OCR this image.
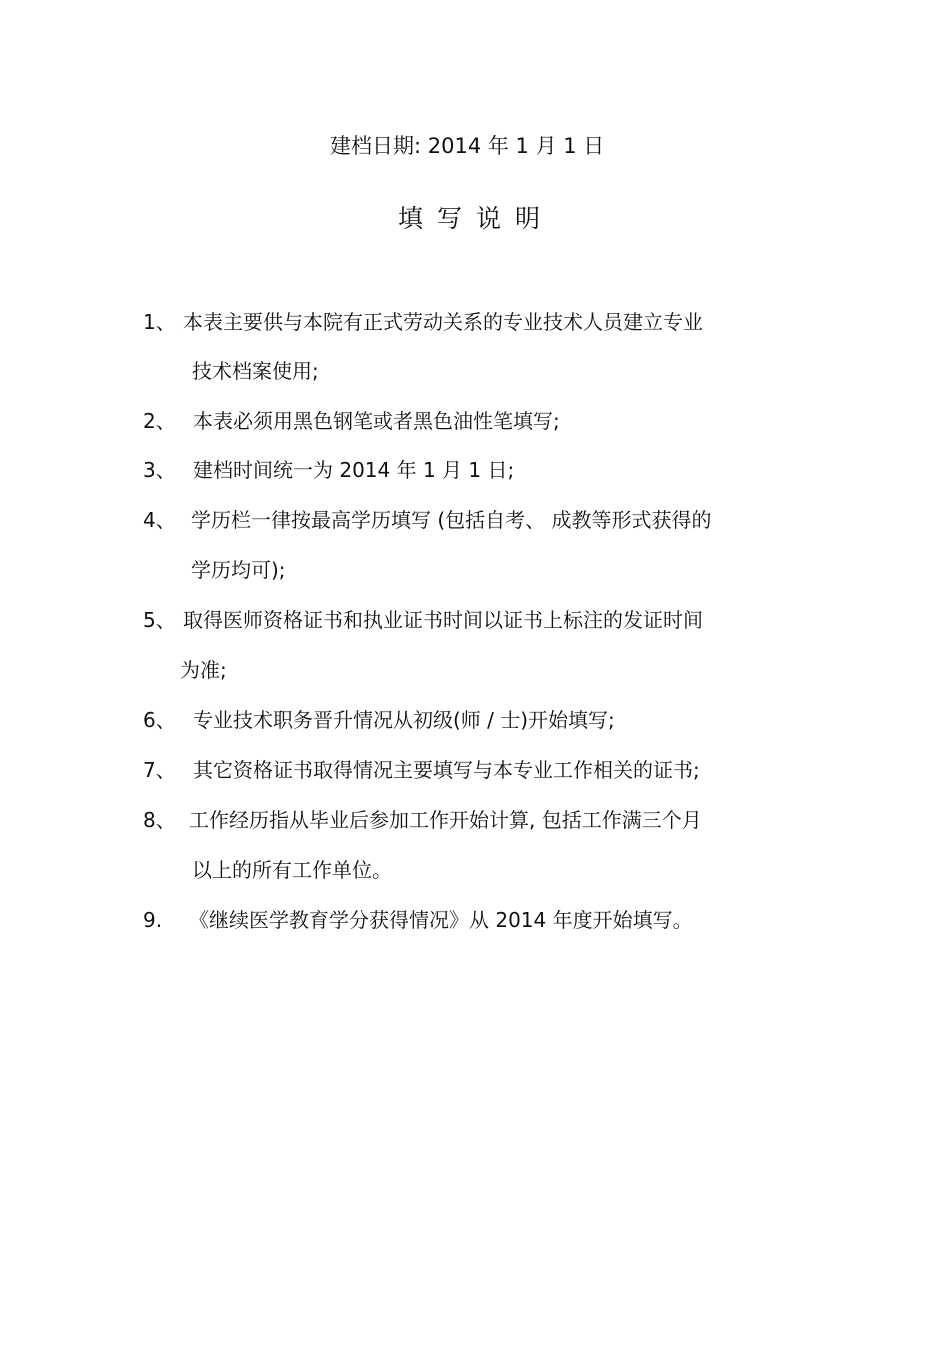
建档日期: 2014 年 1 月 1 日
填写说明
1、 本表主要供与本院有正式劳动关系的专业技术人员建立专业
技术档案使用;
2、 本表必须用黑色钢笔或者黑色油性笔填写;
3、 建档时间统一为 2014 年 1 月 1 日;
4、 学历栏一律按最高学历填写 (包括自考、 成教等形式获得的
学历均可);
5、 取得医师资格证书和执业证书时间以证书上标注的发证时间
为准;
6、 专业技术职务晋升情况从初级(师 / 士)开始填写;
7、 其它资格证书取得情况主要填写与本专业工作相关的证书;
8、 工作经历指从毕业后参加工作开始计算, 包括工作满三个月
以上的所有工作单位。
9. 《继续医学教育学分获得情况》从 2014 年度开始填写。
